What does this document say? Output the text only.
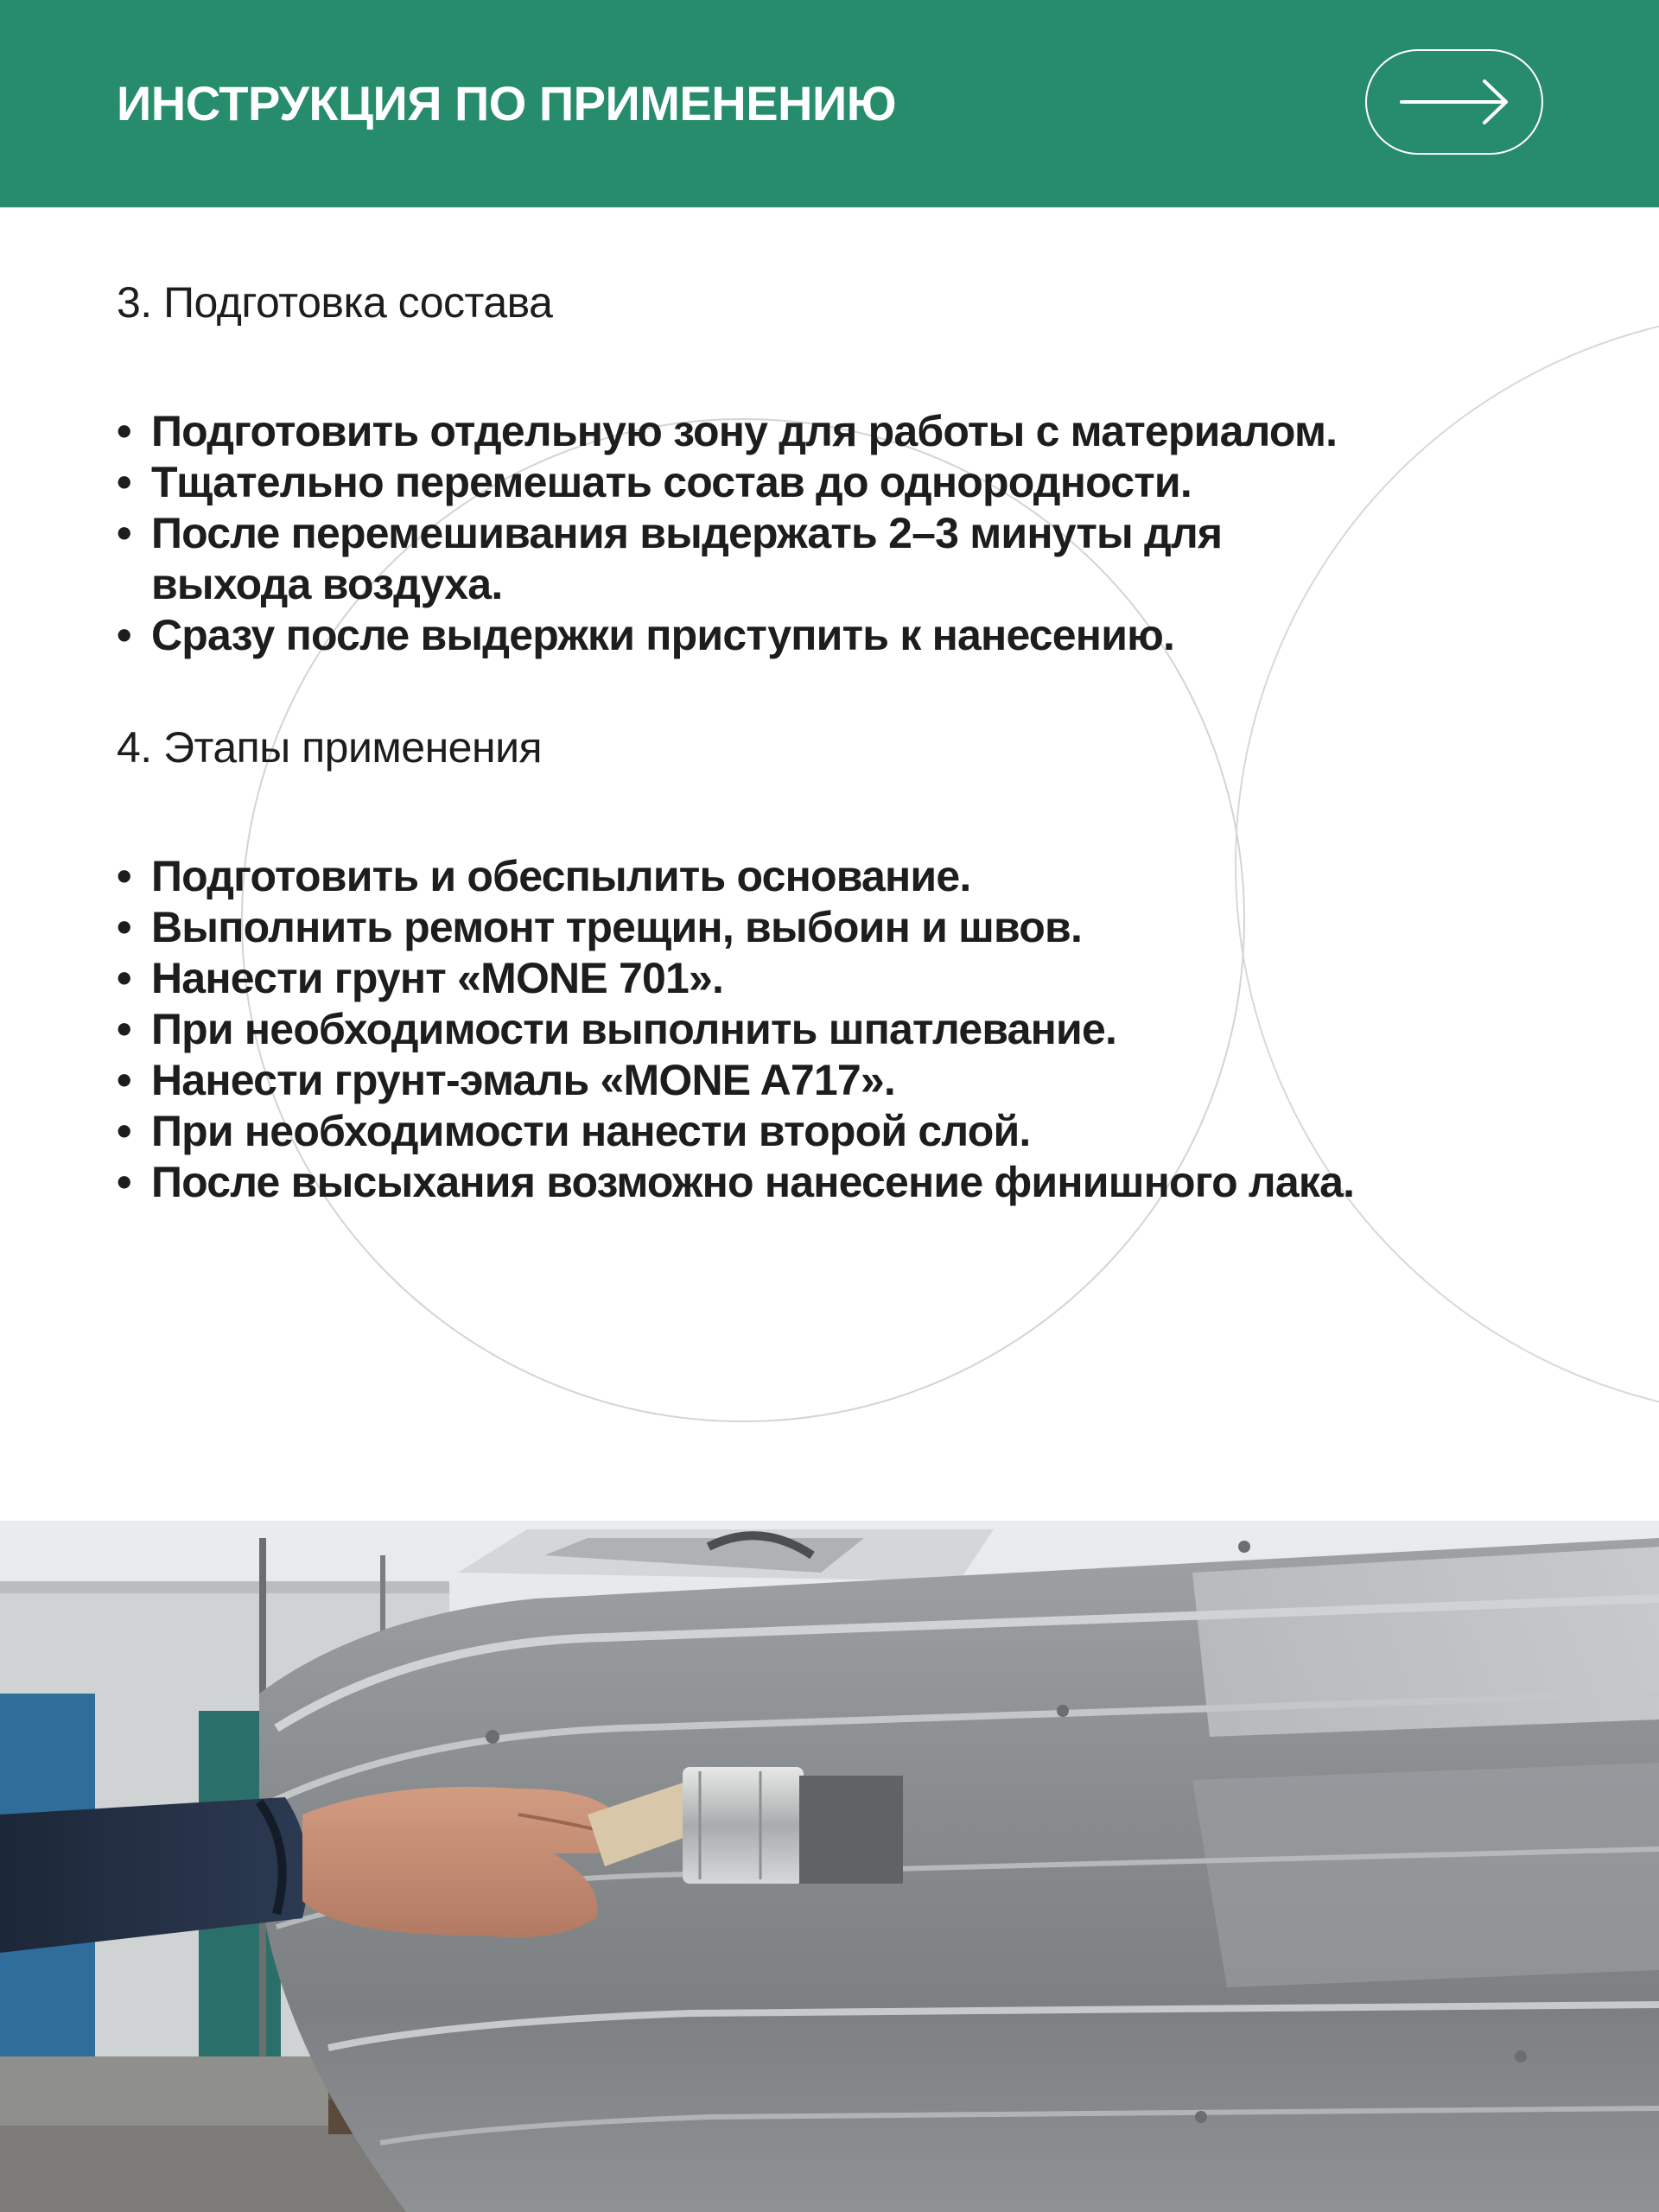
ИНСТРУКЦИЯ ПО ПРИМЕНЕНИЮ
3. Подготовка состава
• Подготовить отдельную зону для работы с материалом.
• Тщательно перемешать состав до однородности.
• После перемешивания выдержать 2–3 минуты для
выхода воздуха.
• Сразу после выдержки приступить к нанесению.
4. Этапы применения
• Подготовить и обеспылить основание.
• Выполнить ремонт трещин, выбоин и швов.
• Нанести грунт «MONE 701».
• При необходимости выполнить шпатлевание.
• Нанести грунт-эмаль «MONE A717».
• При необходимости нанести второй слой.
• После высыхания возможно нанесение финишного лака.
